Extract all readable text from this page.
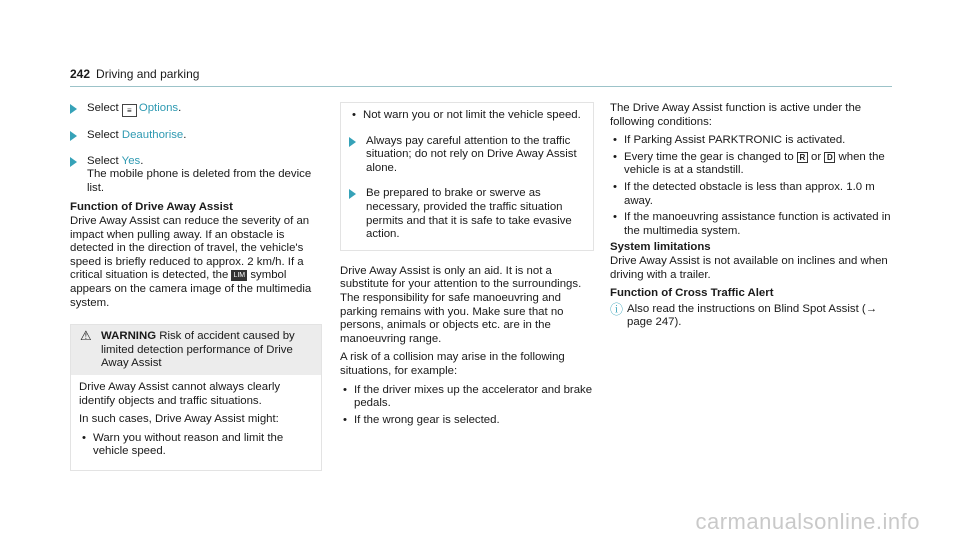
242 Driving and parking
Select ≡ Options.
Select Deauthorise.
Select Yes.
The mobile phone is deleted from the device list.
Function of Drive Away Assist

Drive Away Assist can reduce the severity of an impact when pulling away. If an obstacle is detected in the direction of travel, the vehicle's speed is briefly reduced to approx. 2 km/h. If a critical situation is detected, the LIM symbol appears on the camera image of the multimedia system.

⚠ WARNING Risk of accident caused by limited detection performance of Drive Away Assist

Drive Away Assist cannot always clearly identify objects and traffic situations.

In such cases, Drive Away Assist might:

• Warn you without reason and limit the vehicle speed.
• Not warn you or not limit the vehicle speed.
Always pay careful attention to the traffic situation; do not rely on Drive Away Assist alone.
Be prepared to brake or swerve as necessary, provided the traffic situation permits and that it is safe to take evasive action.

Drive Away Assist is only an aid. It is not a substitute for your attention to the surroundings. The responsibility for safe manoeuvring and parking remains with you. Make sure that no persons, animals or objects etc. are in the manoeuvring range.

A risk of a collision may arise in the following situations, for example:

• If the driver mixes up the accelerator and brake pedals.
• If the wrong gear is selected.

The Drive Away Assist function is active under the following conditions:

• If Parking Assist PARKTRONIC is activated.
• Every time the gear is changed to R or D when the vehicle is at a standstill.
• If the detected obstacle is less than approx. 1.0 m away.
• If the manoeuvring assistance function is activated in the multimedia system.
System limitations

Drive Away Assist is not available on inclines and when driving with a trailer.

Function of Cross Traffic Alert
ⓘ Also read the instructions on Blind Spot Assist (→ page 247).
carmanualsonline.info
